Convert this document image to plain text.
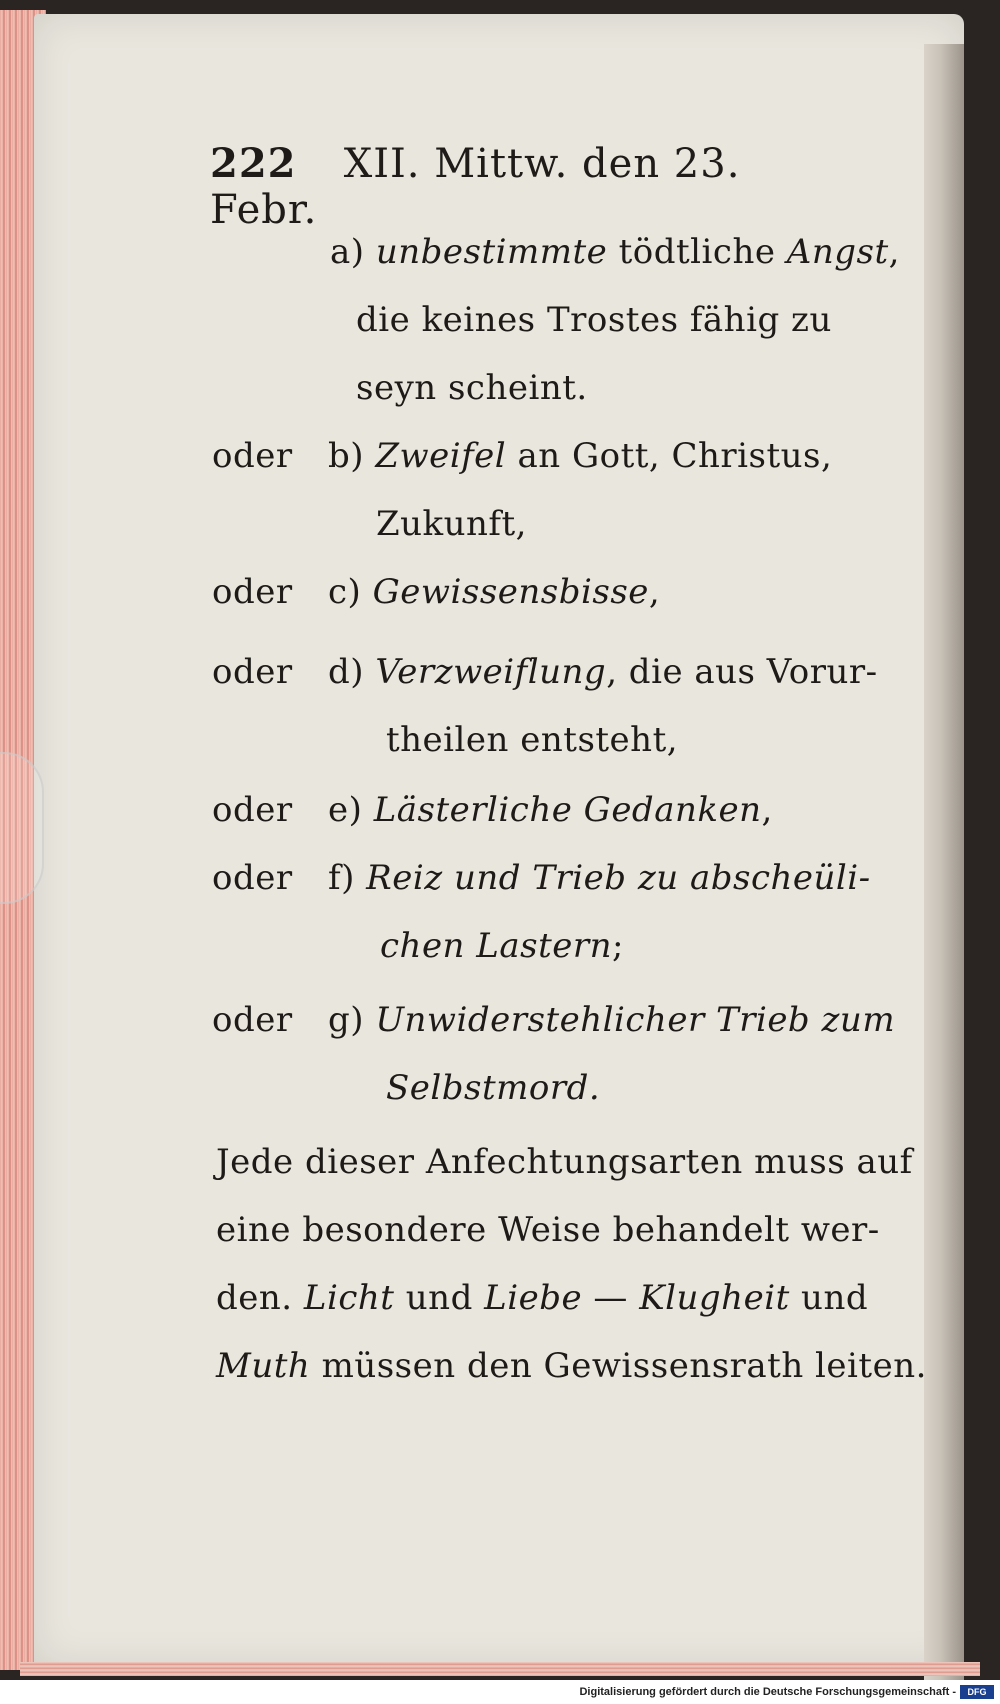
222 XII. Mittw. den 23. Febr.
a) unbestimmte tödtliche Angst,
die keines Trostes fähig zu
seyn scheint.
oder b) Zweifel an Gott, Christus,
Zukunft,
oder c) Gewissensbisse,
oder d) Verzweiflung, die aus Vorur-
theilen entsteht,
oder e) Lästerliche Gedanken,
oder f) Reiz und Trieb zu abscheüli-
chen Lastern;
oder g) Unwiderstehlicher Trieb zum
Selbstmord.
Jede dieser Anfechtungsarten muss auf
eine besondere Weise behandelt wer-
den. Licht und Liebe — Klugheit und
Muth müssen den Gewissensrath leiten.
Digitalisierung gefördert durch die Deutsche Forschungsgemeinschaft -	DFG
